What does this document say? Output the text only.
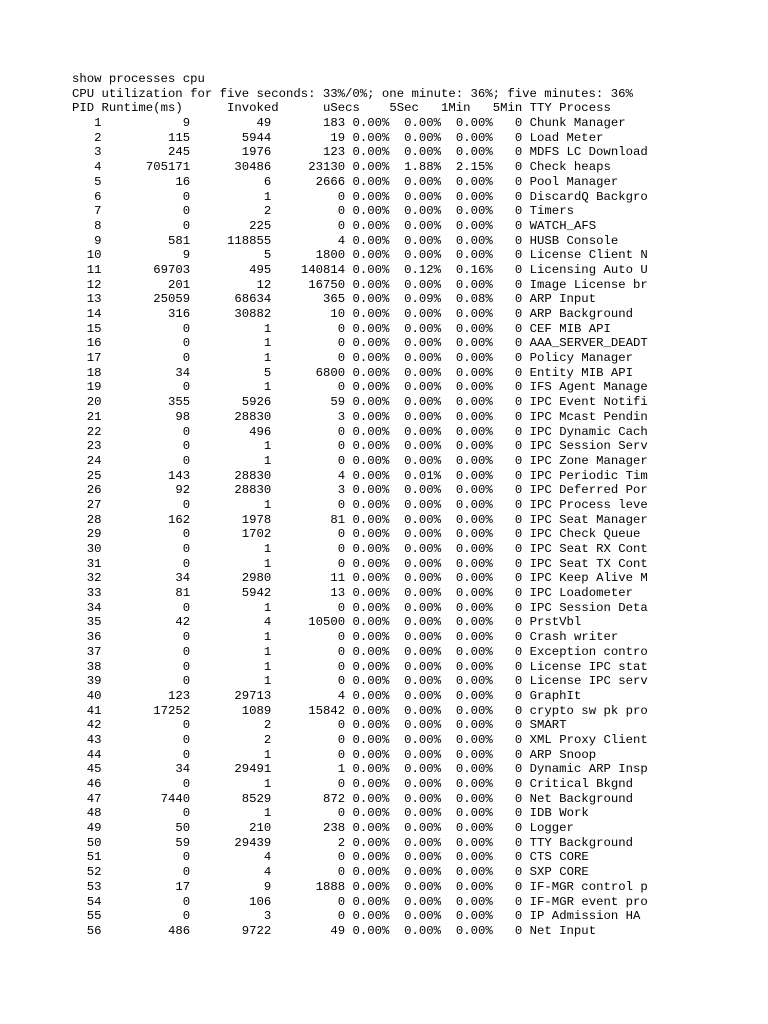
show processes cpu
CPU utilization for five seconds: 33%/0%; one minute: 36%; five minutes: 36%
PID Runtime(ms)	Invoked	uSecs 5Sec 1Min 5Min TTY Process
1	9	49	183 0.00% 0.00% 0.00% 0 Chunk Manager
2	115	5944	19 0.00% 0.00% 0.00% 0 Load Meter
3	245	1976	123 0.00% 0.00% 0.00% 0 MDFS LC Download
4	705171	30486	23130 0.00% 1.88% 2.15% 0 Check heaps
5	16	6	2666 0.00% 0.00% 0.00% 0 Pool Manager
6	0	1	0 0.00% 0.00% 0.00% 0 DiscardQ Backgro
7	0	2	0 0.00% 0.00% 0.00% 0 Timers
8	0	225	0 0.00% 0.00% 0.00% 0 WATCH_AFS
9	581	118855	4 0.00% 0.00% 0.00% 0 HUSB Console
10	9	5	1800 0.00% 0.00% 0.00% 0 License Client N
11	69703	495 140814 0.00% 0.12% 0.16% 0 Licensing Auto U
12	201	12	16750 0.00% 0.00% 0.00% 0 Image License br
13	25059	68634	365 0.00% 0.09% 0.08% 0 ARP Input
14	316	30882	10 0.00% 0.00% 0.00% 0 ARP Background
15	0	1	0 0.00% 0.00% 0.00% 0 CEF MIB API
16	0	1	0 0.00% 0.00% 0.00% 0 AAA_SERVER_DEADT
17	0	1	0 0.00% 0.00% 0.00% 0 Policy Manager
18	34	5	6800 0.00% 0.00% 0.00% 0 Entity MIB API
19	0	1	0 0.00% 0.00% 0.00% 0 IFS Agent Manage
20	355	5926	59 0.00% 0.00% 0.00% 0 IPC Event Notifi
21	98	28830	3 0.00% 0.00% 0.00% 0 IPC Mcast Pendin
22	0	496	0 0.00% 0.00% 0.00% 0 IPC Dynamic Cach
23	0	1	0 0.00% 0.00% 0.00% 0 IPC Session Serv
24	0	1	0 0.00% 0.00% 0.00% 0 IPC Zone Manager
25	143	28830	4 0.00% 0.01% 0.00% 0 IPC Periodic Tim
26	92	28830	3 0.00% 0.00% 0.00% 0 IPC Deferred Por
27	0	1	0 0.00% 0.00% 0.00% 0 IPC Process leve
28	162	1978	81 0.00% 0.00% 0.00% 0 IPC Seat Manager
29	0	1702	0 0.00% 0.00% 0.00% 0 IPC Check Queue
30	0	1	0 0.00% 0.00% 0.00% 0 IPC Seat RX Cont
31	0	1	0 0.00% 0.00% 0.00% 0 IPC Seat TX Cont
32	34	2980	11 0.00% 0.00% 0.00% 0 IPC Keep Alive M
33	81	5942	13 0.00% 0.00% 0.00% 0 IPC Loadometer
34	0	1	0 0.00% 0.00% 0.00% 0 IPC Session Deta
35	42	4	10500 0.00% 0.00% 0.00% 0 PrstVbl
36	0	1	0 0.00% 0.00% 0.00% 0 Crash writer
37	0	1	0 0.00% 0.00% 0.00% 0 Exception contro
38	0	1	0 0.00% 0.00% 0.00% 0 License IPC stat
39	0	1	0 0.00% 0.00% 0.00% 0 License IPC serv
40	123	29713	4 0.00% 0.00% 0.00% 0 GraphIt
41	17252	1089	15842 0.00% 0.00% 0.00% 0 crypto sw pk pro
42	0	2	0 0.00% 0.00% 0.00% 0 SMART
43	0	2	0 0.00% 0.00% 0.00% 0 XML Proxy Client
44	0	1	0 0.00% 0.00% 0.00% 0 ARP Snoop
45	34	29491	1 0.00% 0.00% 0.00% 0 Dynamic ARP Insp
46	0	1	0 0.00% 0.00% 0.00% 0 Critical Bkgnd
47	7440	8529	872 0.00% 0.00% 0.00% 0 Net Background
48	0	1	0 0.00% 0.00% 0.00% 0 IDB Work
49	50	210	238 0.00% 0.00% 0.00% 0 Logger
50	59	29439	2 0.00% 0.00% 0.00% 0 TTY Background
51	0	4	0 0.00% 0.00% 0.00% 0 CTS CORE
52	0	4	0 0.00% 0.00% 0.00% 0 SXP CORE
53	17	9	1888 0.00% 0.00% 0.00% 0 IF-MGR control p
54	0	106	0 0.00% 0.00% 0.00% 0 IF-MGR event pro
55	0	3	0 0.00% 0.00% 0.00% 0 IP Admission HA
56	486	9722	49 0.00% 0.00% 0.00% 0 Net Input
